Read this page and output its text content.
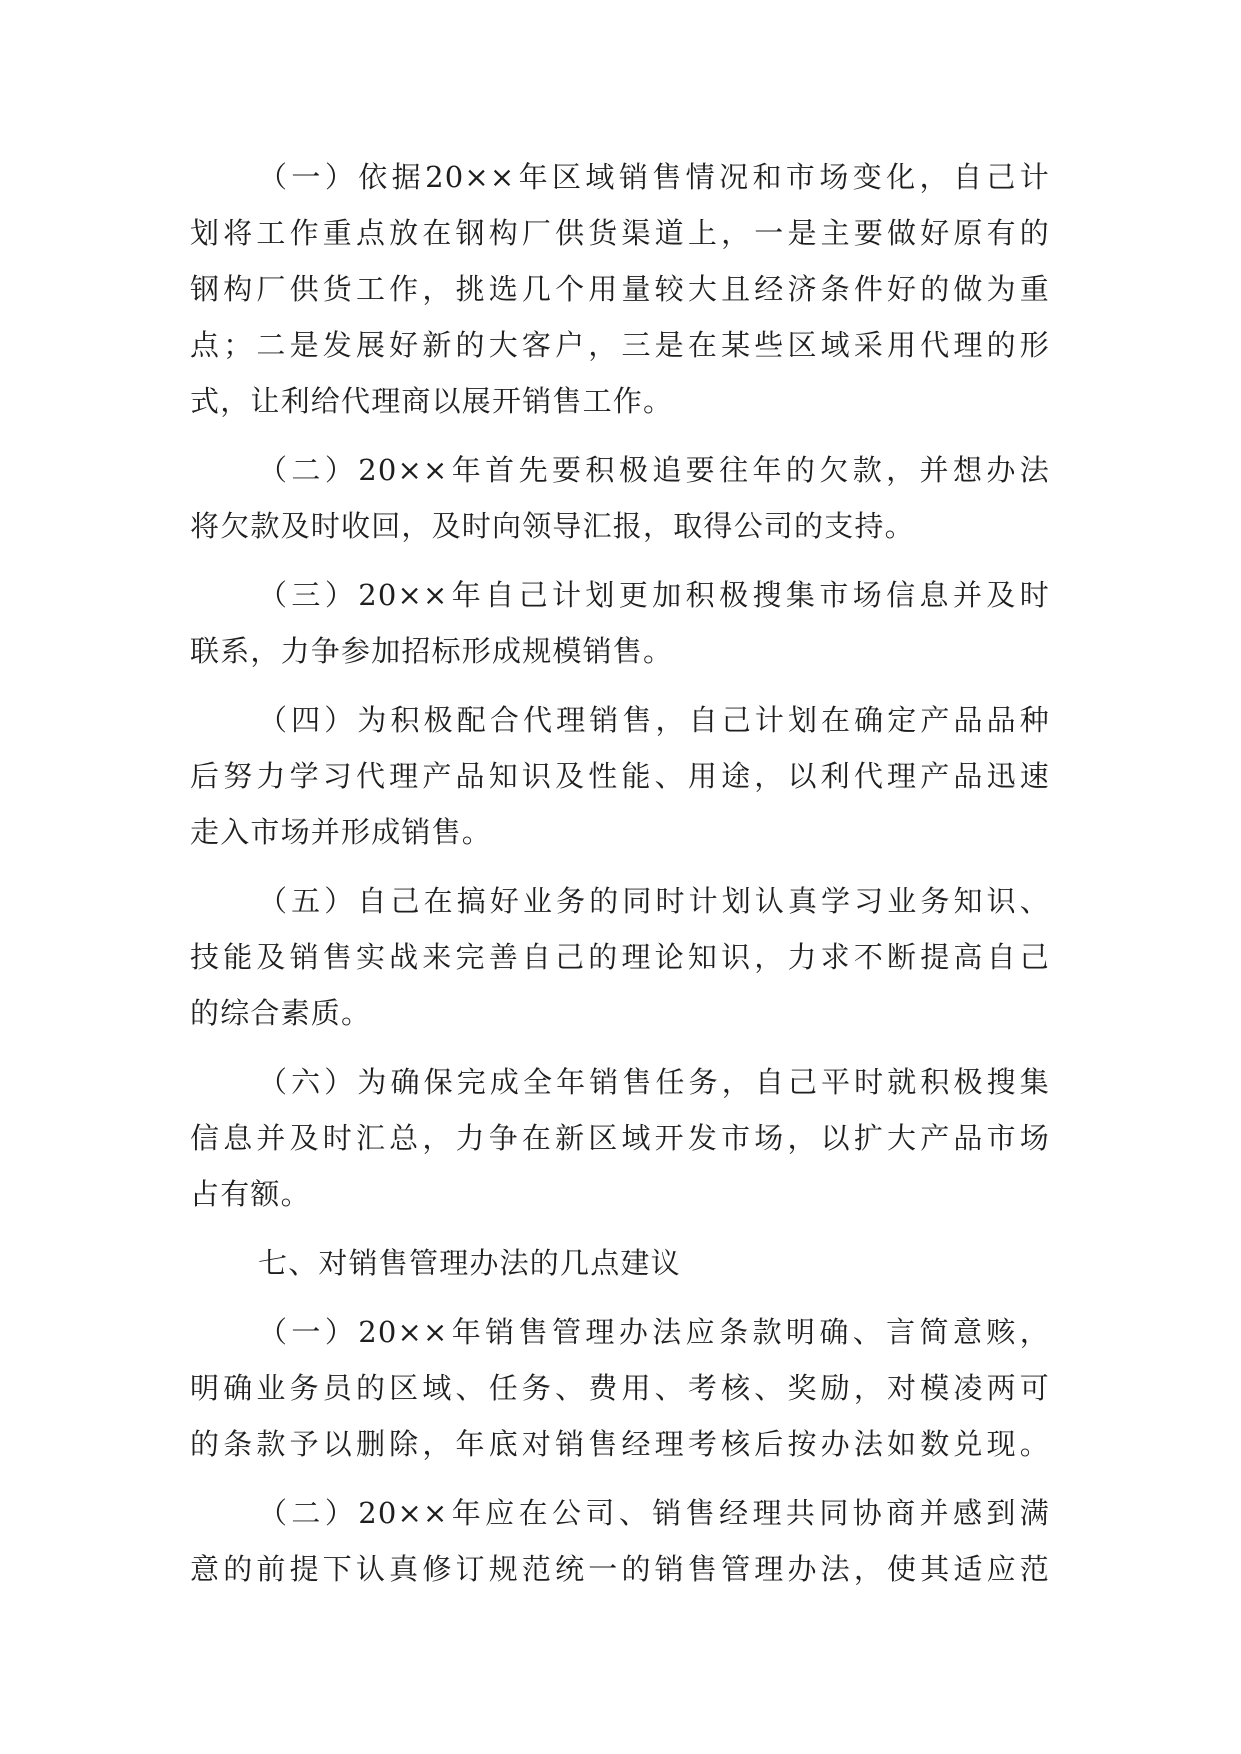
（一）依据20××年区域销售情况和市场变化，自己计
划将工作重点放在钢构厂供货渠道上，一是主要做好原有的
钢构厂供货工作，挑选几个用量较大且经济条件好的做为重
点；二是发展好新的大客户，三是在某些区域采用代理的形
式，让利给代理商以展开销售工作。
（二）20××年首先要积极追要往年的欠款，并想办法
将欠款及时收回，及时向领导汇报，取得公司的支持。
（三）20××年自己计划更加积极搜集市场信息并及时
联系，力争参加招标形成规模销售。
（四）为积极配合代理销售，自己计划在确定产品品种
后努力学习代理产品知识及性能、用途，以利代理产品迅速
走入市场并形成销售。
（五）自己在搞好业务的同时计划认真学习业务知识、
技能及销售实战来完善自己的理论知识，力求不断提高自己
的综合素质。
（六）为确保完成全年销售任务，自己平时就积极搜集
信息并及时汇总，力争在新区域开发市场，以扩大产品市场
占有额。
七、对销售管理办法的几点建议
（一）20××年销售管理办法应条款明确、言简意赅，
明确业务员的区域、任务、费用、考核、奖励，对模凌两可
的条款予以删除，年底对销售经理考核后按办法如数兑现。
（二）20××年应在公司、销售经理共同协商并感到满
意的前提下认真修订规范统一的销售管理办法，使其适应范
